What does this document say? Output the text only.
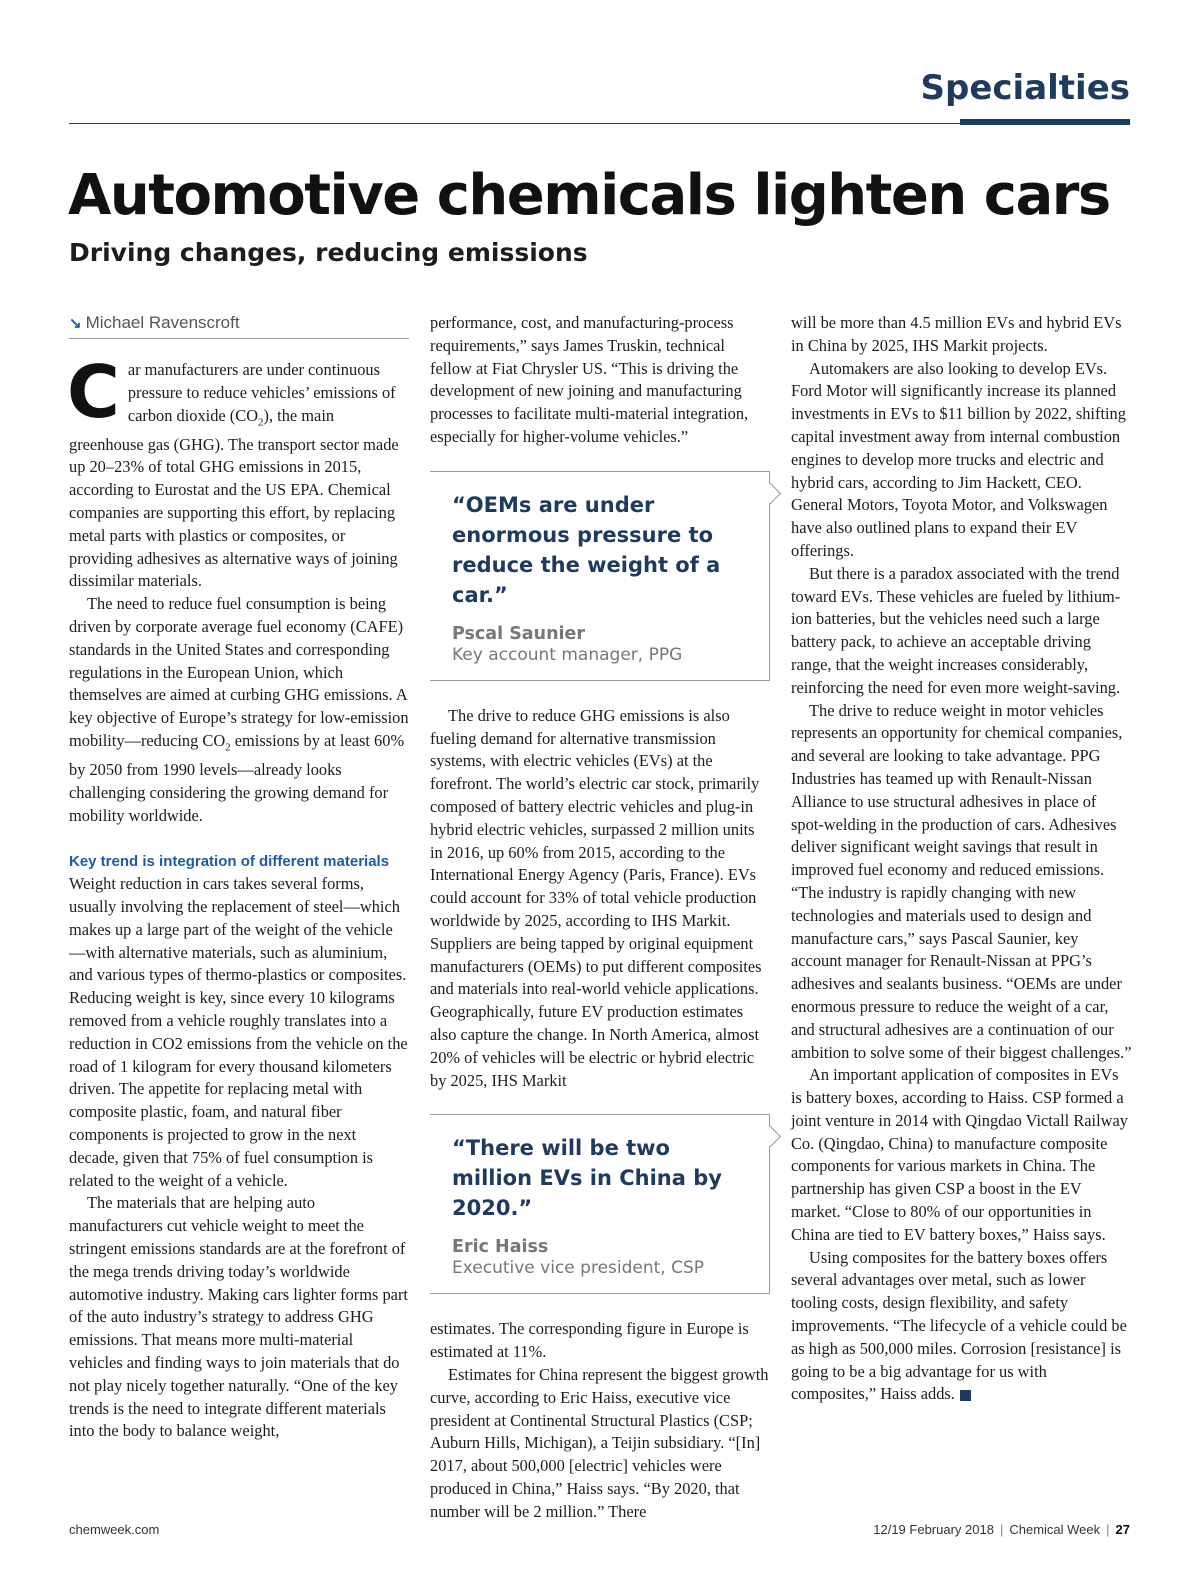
Specialties
Automotive chemicals lighten cars
Driving changes, reducing emissions
↘ Michael Ravenscroft

Car manufacturers are under continuous pressure to reduce vehicles’ emissions of carbon dioxide $(CO_2)$, the main greenhouse gas (GHG). The transport sector made up 20–23% of total GHG emissions in 2015, according to Eurostat and the US EPA. Chemical companies are supporting this effort, by replacing metal parts with plastics or composites, or providing adhesives as alternative ways of joining dissimilar materials.

The need to reduce fuel consumption is being driven by corporate average fuel economy (CAFE) standards in the United States and corresponding regulations in the European Union, which themselves are aimed at curbing GHG emissions. A key objective of Europe’s strategy for low-emission mobility—reducing $CO_2$ emissions by at least 60% by 2050 from 1990 levels—already looks challenging considering the growing demand for mobility worldwide.

Key trend is integration of different materials

Weight reduction in cars takes several forms, usually involving the replacement of steel—which makes up a large part of the weight of the vehicle—with alternative materials, such as aluminium, and various types of thermo-plastics or composites. Reducing weight is key, since every 10 kilograms removed from a vehicle roughly translates into a reduction in CO2 emissions from the vehicle on the road of 1 kilogram for every thousand kilometers driven. The appetite for replacing metal with composite plastic, foam, and natural fiber components is projected to grow in the next decade, given that 75% of fuel consumption is related to the weight of a vehicle.

The materials that are helping auto manufacturers cut vehicle weight to meet the stringent emissions standards are at the forefront of the mega trends driving today’s worldwide automotive industry. Making cars lighter forms part of the auto industry’s strategy to address GHG emissions. That means more multi-material vehicles and finding ways to join materials that do not play nicely together naturally. “One of the key trends is the need to integrate different materials into the body to balance weight,

performance, cost, and manufacturing-process requirements,” says James Truskin, technical fellow at Fiat Chrysler US. “This is driving the development of new joining and manufacturing processes to facilitate multi-material integration, especially for higher-volume vehicles.”

“OEMs are under enormous pressure to reduce the weight of a car.”
Pscal Saunier
Key account manager, PPG

The drive to reduce GHG emissions is also fueling demand for alternative transmission systems, with electric vehicles (EVs) at the forefront. The world’s electric car stock, primarily composed of battery electric vehicles and plug-in hybrid electric vehicles, surpassed 2 million units in 2016, up 60% from 2015, according to the International Energy Agency (Paris, France). EVs could account for 33% of total vehicle production worldwide by 2025, according to IHS Markit. Suppliers are being tapped by original equipment manufacturers (OEMs) to put different composites and materials into real-world vehicle applications. Geographically, future EV production estimates also capture the change. In North America, almost 20% of vehicles will be electric or hybrid electric by 2025, IHS Markit

“There will be two million EVs in China by 2020.”
Eric Haiss
Executive vice president, CSP

estimates. The corresponding figure in Europe is estimated at 11%.

Estimates for China represent the biggest growth curve, according to Eric Haiss, executive vice president at Continental Structural Plastics (CSP; Auburn Hills, Michigan), a Teijin subsidiary. “[In] 2017, about 500,000 [electric] vehicles were produced in China,” Haiss says. “By 2020, that number will be 2 million.” There

will be more than 4.5 million EVs and hybrid EVs in China by 2025, IHS Markit projects.

Automakers are also looking to develop EVs. Ford Motor will significantly increase its planned investments in EVs to $11 billion by 2022, shifting capital investment away from internal combustion engines to develop more trucks and electric and hybrid cars, according to Jim Hackett, CEO. General Motors, Toyota Motor, and Volkswagen have also outlined plans to expand their EV offerings.

But there is a paradox associated with the trend toward EVs. These vehicles are fueled by lithium-ion batteries, but the vehicles need such a large battery pack, to achieve an acceptable driving range, that the weight increases considerably, reinforcing the need for even more weight-saving.

The drive to reduce weight in motor vehicles represents an opportunity for chemical companies, and several are looking to take advantage. PPG Industries has teamed up with Renault-Nissan Alliance to use structural adhesives in place of spot-welding in the production of cars. Adhesives deliver significant weight savings that result in improved fuel economy and reduced emissions. “The industry is rapidly changing with new technologies and materials used to design and manufacture cars,” says Pascal Saunier, key account manager for Renault-Nissan at PPG’s adhesives and sealants business. “OEMs are under enormous pressure to reduce the weight of a car, and structural adhesives are a continuation of our ambition to solve some of their biggest challenges.”

An important application of composites in EVs is battery boxes, according to Haiss. CSP formed a joint venture in 2014 with Qingdao Victall Railway Co. (Qingdao, China) to manufacture composite components for various markets in China. The partnership has given CSP a boost in the EV market. “Close to 80% of our opportunities in China are tied to EV battery boxes,” Haiss says.

Using composites for the battery boxes offers several advantages over metal, such as lower tooling costs, design flexibility, and safety improvements. “The lifecycle of a vehicle could be as high as 500,000 miles. Corrosion [resistance] is going to be a big advantage for us with composites,” Haiss adds.

chemweek.com	12/19 February 2018 | Chemical Week | 27
